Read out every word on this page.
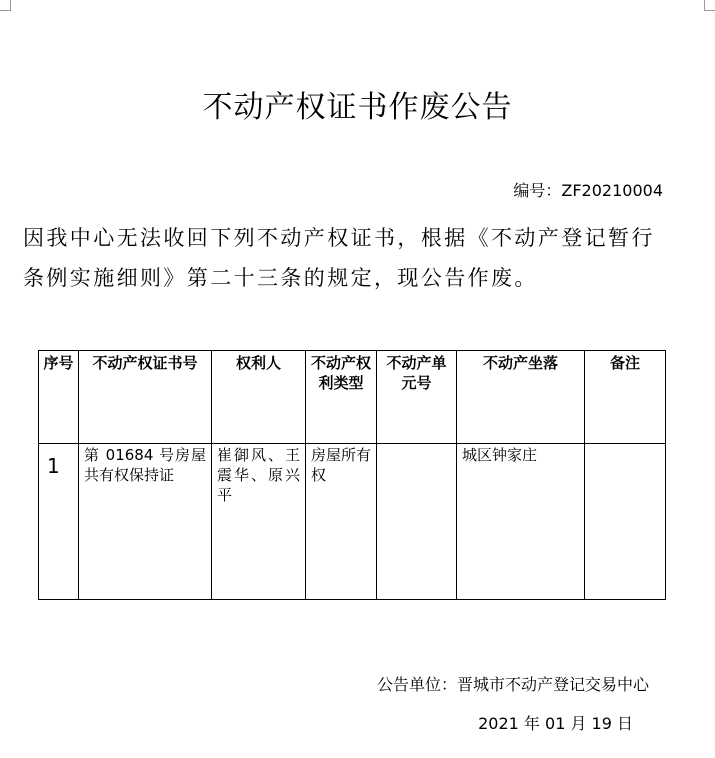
不动产权证书作废公告
编号：ZF20210004
因我中心无法收回下列不动产权证书，根据《不动产登记暂行条例实施细则》第二十三条的规定，现公告作废。
序号	不动产权证书号	权利人	不动产权利类型	不动产单元号	不动产坐落	备注
1	第 01684 号房屋共有权保持证	崔御风、王震华、原兴平	房屋所有权		城区钟家庄	
公告单位：晋城市不动产登记交易中心
2021 年 01 月 19 日
